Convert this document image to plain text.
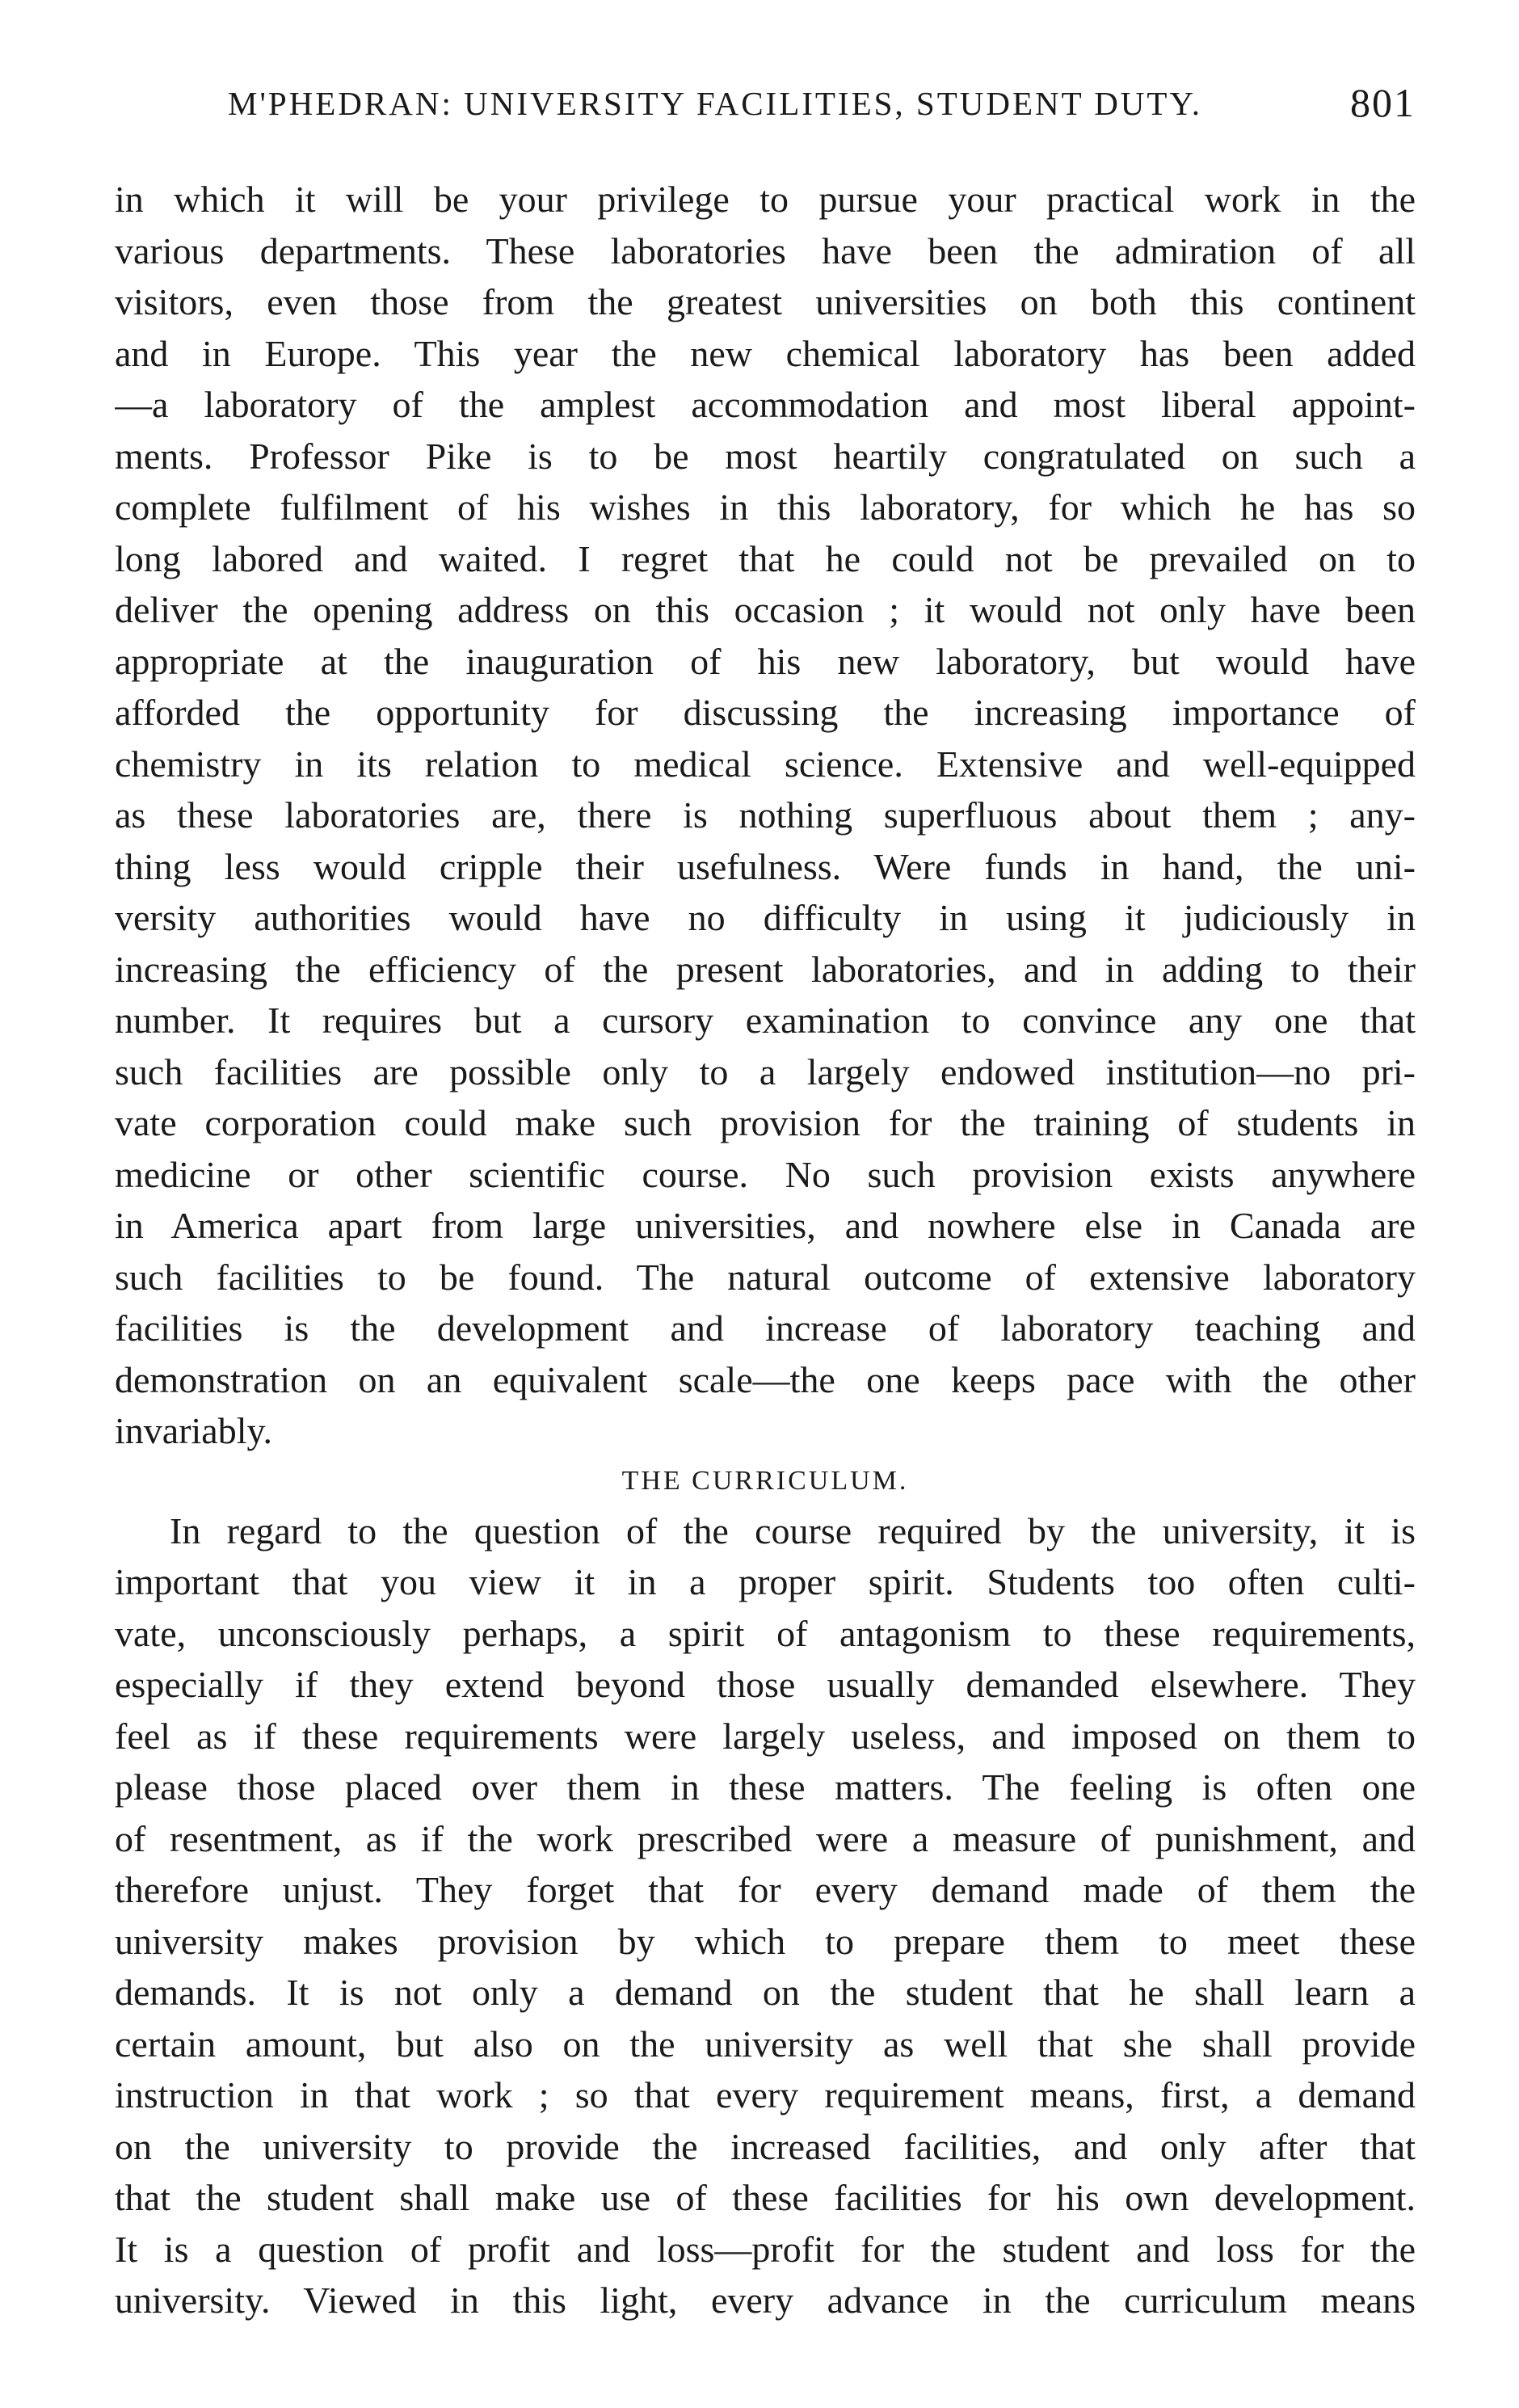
M'PHEDRAN: UNIVERSITY FACILITIES, STUDENT DUTY.	801
in which it will be your privilege to pursue your practical work in the
various departments. These laboratories have been the admiration of all
visitors, even those from the greatest universities on both this continent
and in Europe. This year the new chemical laboratory has been added
—a laboratory of the amplest accommodation and most liberal appoint-
ments. Professor Pike is to be most heartily congratulated on such a
complete fulfilment of his wishes in this laboratory, for which he has so
long labored and waited. I regret that he could not be prevailed on to
deliver the opening address on this occasion ; it would not only have been
appropriate at the inauguration of his new laboratory, but would have
afforded the opportunity for discussing the increasing importance of
chemistry in its relation to medical science. Extensive and well-equipped
as these laboratories are, there is nothing superfluous about them ; any-
thing less would cripple their usefulness. Were funds in hand, the uni-
versity authorities would have no difficulty in using it judiciously in
increasing the efficiency of the present laboratories, and in adding to their
number. It requires but a cursory examination to convince any one that
such facilities are possible only to a largely endowed institution—no pri-
vate corporation could make such provision for the training of students in
medicine or other scientific course. No such provision exists anywhere
in America apart from large universities, and nowhere else in Canada are
such facilities to be found. The natural outcome of extensive laboratory
facilities is the development and increase of laboratory teaching and
demonstration on an equivalent scale—the one keeps pace with the other
invariably.
THE CURRICULUM.
In regard to the question of the course required by the university, it is
important that you view it in a proper spirit. Students too often culti-
vate, unconsciously perhaps, a spirit of antagonism to these requirements,
especially if they extend beyond those usually demanded elsewhere. They
feel as if these requirements were largely useless, and imposed on them to
please those placed over them in these matters. The feeling is often one
of resentment, as if the work prescribed were a measure of punishment, and
therefore unjust. They forget that for every demand made of them the
university makes provision by which to prepare them to meet these
demands. It is not only a demand on the student that he shall learn a
certain amount, but also on the university as well that she shall provide
instruction in that work ; so that every requirement means, first, a demand
on the university to provide the increased facilities, and only after that
that the student shall make use of these facilities for his own development.
It is a question of profit and loss—profit for the student and loss for the
university. Viewed in this light, every advance in the curriculum means
